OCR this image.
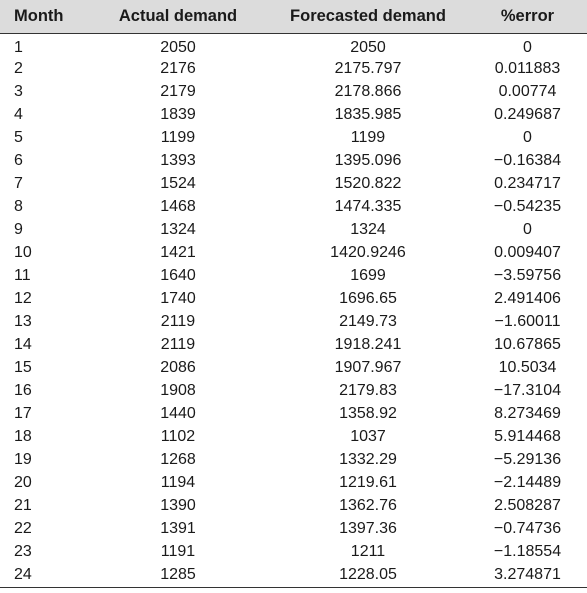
Month	Actual demand	Forecasted demand	%error
1	2050	2050	0
2	2176	2175.797	0.011883
3	2179	2178.866	0.00774
4	1839	1835.985	0.249687
5	1199	1199	0
6	1393	1395.096	−0.16384
7	1524	1520.822	0.234717
8	1468	1474.335	−0.54235
9	1324	1324	0
10	1421	1420.9246	0.009407
11	1640	1699	−3.59756
12	1740	1696.65	2.491406
13	2119	2149.73	−1.60011
14	2119	1918.241	10.67865
15	2086	1907.967	10.5034
16	1908	2179.83	−17.3104
17	1440	1358.92	8.273469
18	1102	1037	5.914468
19	1268	1332.29	−5.29136
20	1194	1219.61	−2.14489
21	1390	1362.76	2.508287
22	1391	1397.36	−0.74736
23	1191	1211	−1.18554
24	1285	1228.05	3.274871
